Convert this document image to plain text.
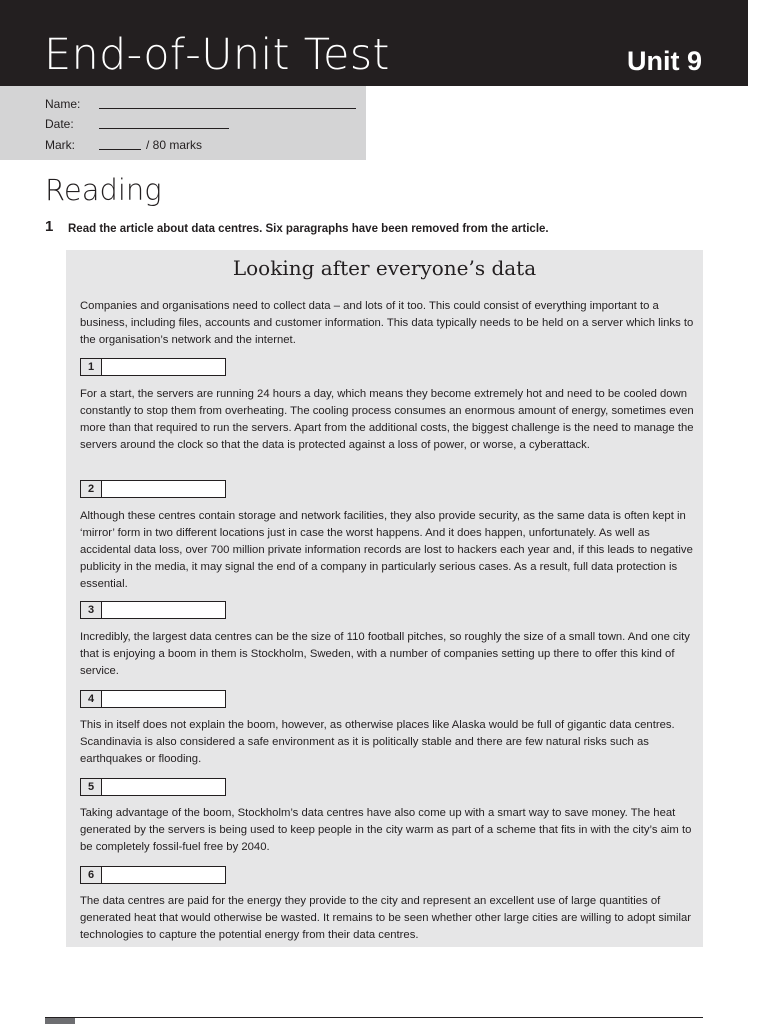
End-of-Unit Test	Unit 9
Name:
Date:
Mark:	/ 80 marks
Reading
1 Read the article about data centres. Six paragraphs have been removed from the article.
Looking after everyone’s data

Companies and organisations need to collect data – and lots of it too. This could consist of everything important to a business, including files, accounts and customer information. This data typically needs to be held on a server which links to the organisation’s network and the internet.

1

For a start, the servers are running 24 hours a day, which means they become extremely hot and need to be cooled down constantly to stop them from overheating. The cooling process consumes an enormous amount of energy, sometimes even more than that required to run the servers. Apart from the additional costs, the biggest challenge is the need to manage the servers around the clock so that the data is protected against a loss of power, or worse, a cyberattack.

2

Although these centres contain storage and network facilities, they also provide security, as the same data is often kept in ‘mirror’ form in two different locations just in case the worst happens. And it does happen, unfortunately. As well as accidental data loss, over 700 million private information records are lost to hackers each year and, if this leads to negative publicity in the media, it may signal the end of a company in particularly serious cases. As a result, full data protection is essential.

3

Incredibly, the largest data centres can be the size of 110 football pitches, so roughly the size of a small town. And one city that is enjoying a boom in them is Stockholm, Sweden, with a number of companies setting up there to offer this kind of service.

4

This in itself does not explain the boom, however, as otherwise places like Alaska would be full of gigantic data centres. Scandinavia is also considered a safe environment as it is politically stable and there are few natural risks such as earthquakes or flooding.

5

Taking advantage of the boom, Stockholm’s data centres have also come up with a smart way to save money. The heat generated by the servers is being used to keep people in the city warm as part of a scheme that fits in with the city’s aim to be completely fossil-fuel free by 2040.

6

The data centres are paid for the energy they provide to the city and represent an excellent use of large quantities of generated heat that would otherwise be wasted. It remains to be seen whether other large cities are willing to adopt similar technologies to capture the potential energy from their data centres.
